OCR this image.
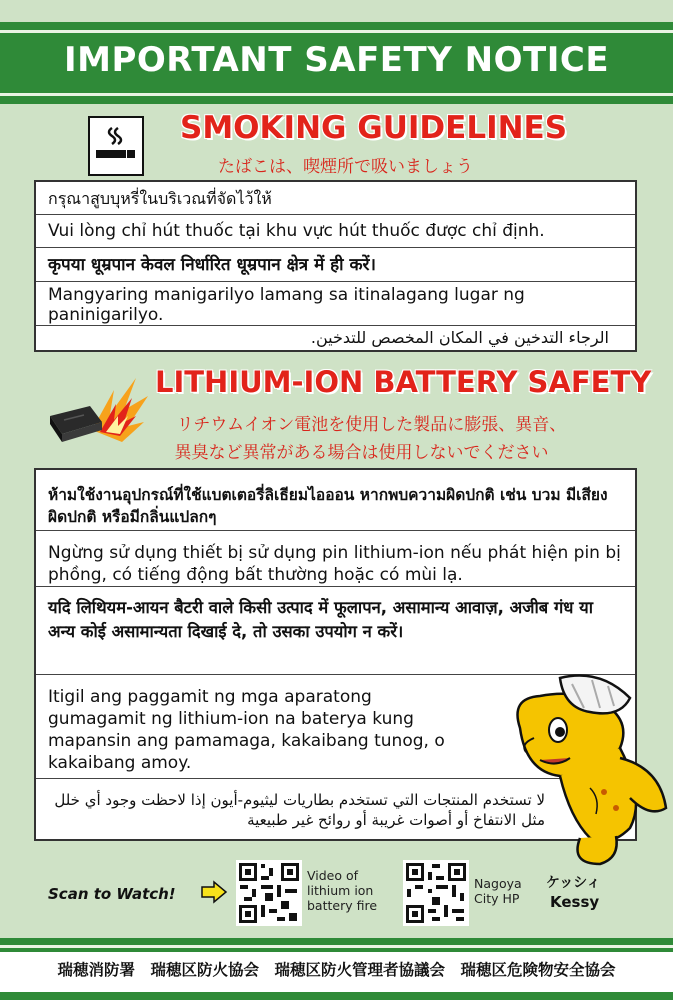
IMPORTANT SAFETY NOTICE
SMOKING GUIDELINES
たばこは、喫煙所で吸いましょう
กรุณาสูบบุหรี่ในบริเวณที่จัดไว้ให้
Vui lòng chỉ hút thuốc tại khu vực hút thuốc được chỉ định.
कृपया धूम्रपान केवल निर्धारित धूम्रपान क्षेत्र में ही करें।
Mangyaring manigarilyo lamang sa itinalagang lugar ng paninigarilyo.
الرجاء التدخين في المكان المخصص للتدخين.
LITHIUM-ION BATTERY SAFETY
リチウムイオン電池を使用した製品に膨張、異音、
異臭など異常がある場合は使用しないでください
ห้ามใช้งานอุปกรณ์ที่ใช้แบตเตอรี่ลิเธียมไอออน หากพบความผิดปกติ เช่น บวม มีเสียงผิดปกติ หรือมีกลิ่นแปลกๆ
Ngừng sử dụng thiết bị sử dụng pin lithium-ion nếu phát hiện pin bị phồng, có tiếng động bất thường hoặc có mùi lạ.
यदि लिथियम-आयन बैटरी वाले किसी उत्पाद में फूलापन, असामान्य आवाज़, अजीब गंध या अन्य कोई असामान्यता दिखाई दे, तो उसका उपयोग न करें।
Itigil ang paggamit ng mga aparatong gumagamit ng lithium-ion na baterya kung mapansin ang pamamaga, kakaibang tunog, o kakaibang amoy.
لا تستخدم المنتجات التي تستخدم بطاريات ليثيوم-أيون إذا لاحظت وجود أي خلل مثل الانتفاخ أو أصوات غريبة أو روائح غير طبيعية
ケッシィ
Kessy
Scan to Watch!
Video of lithium ion battery fire
Nagoya City HP
瑞穂消防署　瑞穂区防火協会　瑞穂区防火管理者協議会　瑞穂区危険物安全協会
